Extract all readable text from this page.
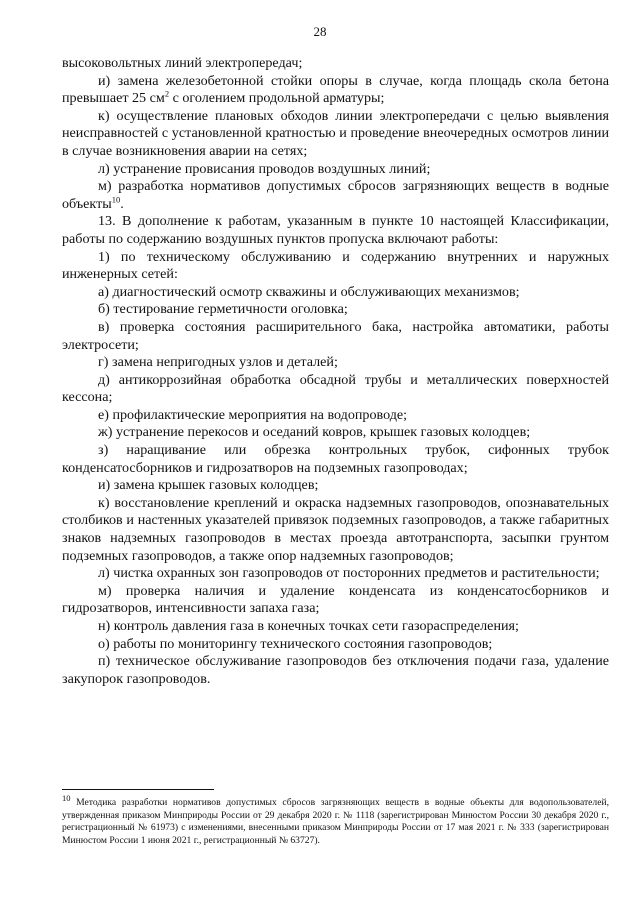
28

высоковольтных линий электропередач;

и) замена железобетонной стойки опоры в случае, когда площадь скола бетона превышает 25 $см^2$ с оголением продольной арматуры;

к) осуществление плановых обходов линии электропередачи с целью выявления неисправностей с установленной кратностью и проведение внеочередных осмотров линии в случае возникновения аварии на сетях;

л) устранение провисания проводов воздушных линий;

м) разработка нормативов допустимых сбросов загрязняющих веществ в водные объекты$^{10}$.

13. В дополнение к работам, указанным в пункте 10 настоящей Классификации, работы по содержанию воздушных пунктов пропуска включают работы:

1) по техническому обслуживанию и содержанию внутренних и наружных инженерных сетей:

а) диагностический осмотр скважины и обслуживающих механизмов;

б) тестирование герметичности оголовка;

в) проверка состояния расширительного бака, настройка автоматики, работы электросети;

г) замена непригодных узлов и деталей;

д) антикоррозийная обработка обсадной трубы и металлических поверхностей кессона;

е) профилактические мероприятия на водопроводе;

ж) устранение перекосов и оседаний ковров, крышек газовых колодцев;

з) наращивание или обрезка контрольных трубок, сифонных трубок конденсатосборников и гидрозатворов на подземных газопроводах;

и) замена крышек газовых колодцев;

к) восстановление креплений и окраска надземных газопроводов, опознавательных столбиков и настенных указателей привязок подземных газопроводов, а также габаритных знаков надземных газопроводов в местах проезда автотранспорта, засыпки грунтом подземных газопроводов, а также опор надземных газопроводов;

л) чистка охранных зон газопроводов от посторонних предметов и растительности;

м) проверка наличия и удаление конденсата из конденсатосборников и гидрозатворов, интенсивности запаха газа;

н) контроль давления газа в конечных точках сети газораспределения;

о) работы по мониторингу технического состояния газопроводов;

п) техническое обслуживание газопроводов без отключения подачи газа, удаление закупорок газопроводов.

$^{10}$ Методика разработки нормативов допустимых сбросов загрязняющих веществ в водные объекты для водопользователей, утвержденная приказом Минприроды России от 29 декабря 2020 г. № 1118 (зарегистрирован Минюстом России 30 декабря 2020 г., регистрационный № 61973) с изменениями, внесенными приказом Минприроды России от 17 мая 2021 г. № 333 (зарегистрирован Минюстом России 1 июня 2021 г., регистрационный № 63727).
